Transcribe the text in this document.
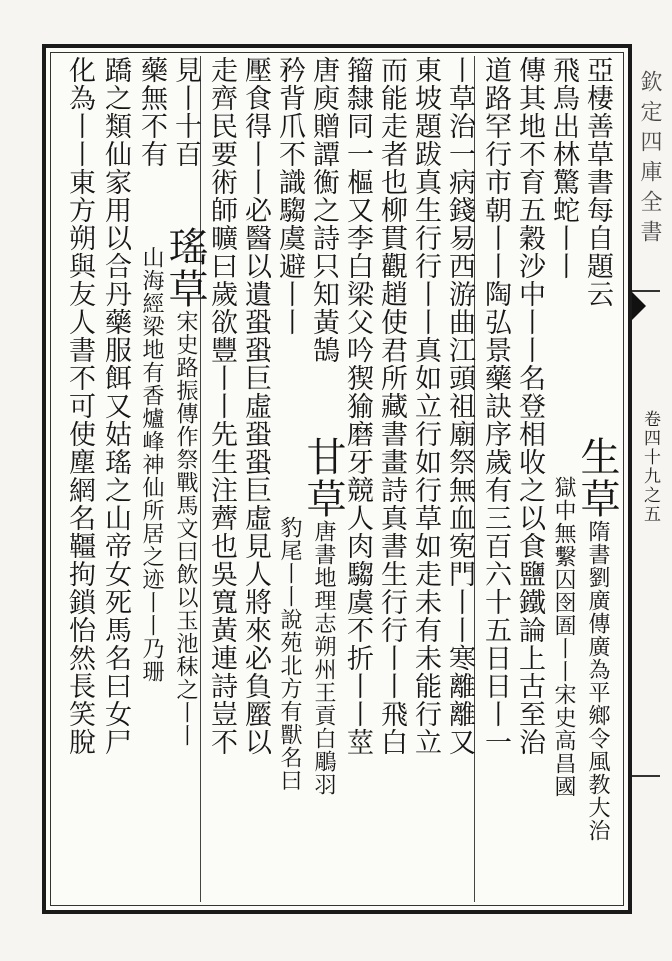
欽定四庫全書
卷四十九之五
亞棲善草書每自題云
生草隋書劉廣傳廣為平鄉令風教大治
飛鳥出林驚蛇丨丨
獄中無繫囚囹圄丨丨宋史高昌國
傳其地不育五穀沙中丨丨名登相收之以食鹽鐵論上古至治
道路罕行市朝丨丨陶弘景藥訣序歲有三百六十五日日丨一
丨草治一病錢易西游曲江頭祖廟祭無血𡨚門丨丨寒離離又
東坡題跋真生行行丨丨真如立行如行草如走未有未能行立
而能走者也柳貫觀趙使君所藏書畫詩真書生行行丨丨飛白
籀隸同一樞又李白梁父吟猰㺄磨牙競人肉騶虞不折丨丨莖
唐庾贈譚𢖍之詩只知黃鵠
甘草唐書地理志朔州王貢白鵰羽
矜背爪不識騶虞避丨丨
豹尾丨丨說苑北方有獸名曰
壓食得丨丨必醫以遺蛩蛩巨虛蛩蛩巨虛見人將來必負蟨以
走齊民要術師曠曰歲欲豐丨丨先生注薺也吳寬黃連詩豈不
見丨十百
瑤草宋史路振傳作祭戰馬文曰飲以玉池秣之丨丨
藥無不有
山海經梁地有香爐峰神仙所居之迹丨丨乃珊
蹻之類仙家用以合丹藥服餌又姑瑤之山帝女死馬名曰女尸
化為丨丨東方朔與友人書不可使塵網名韁拘鎖怡然長笑脫
